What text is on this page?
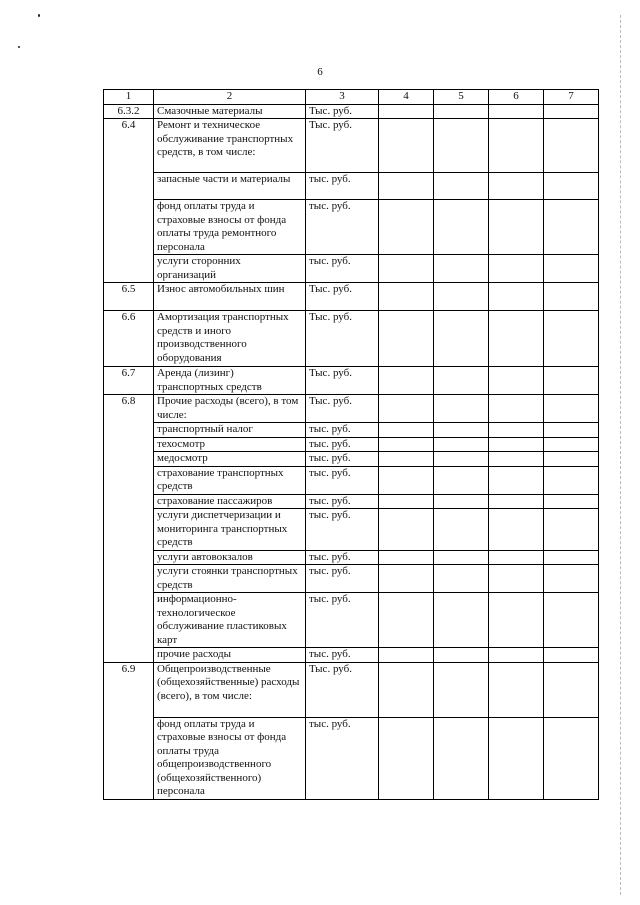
6
1	2	3	4	5	6	7
6.3.2	Смазочные материалы	Тыс. руб.				
6.4	Ремонт и техническое обслуживание транспортных средств, в том числе:	Тыс. руб.				
	запасные части и материалы	тыс. руб.				
	фонд оплаты труда и страховые взносы от фонда оплаты труда ремонтного персонала	тыс. руб.				
	услуги сторонних организаций	тыс. руб.				
6.5	Износ автомобильных шин	Тыс. руб.				
6.6	Амортизация транспортных средств и иного производственного оборудования	Тыс. руб.				
6.7	Аренда (лизинг) транспортных средств	Тыс. руб.				
6.8	Прочие расходы (всего), в том числе:	Тыс. руб.				
	транспортный налог	тыс. руб.				
	техосмотр	тыс. руб.				
	медосмотр	тыс. руб.				
	страхование транспортных средств	тыс. руб.				
	страхование пассажиров	тыс. руб.				
	услуги диспетчеризации и мониторинга транспортных средств	тыс. руб.				
	услуги автовокзалов	тыс. руб.				
	услуги стоянки транспортных средств	тыс. руб.				
	информационно-технологическое обслуживание пластиковых карт	тыс. руб.				
	прочие расходы	тыс. руб.				
6.9	Общепроизводственные (общехозяйственные) расходы (всего), в том числе:	Тыс. руб.				
	фонд оплаты труда и страховые взносы от фонда оплаты труда общепроизводственного (общехозяйственного) персонала	тыс. руб.				
